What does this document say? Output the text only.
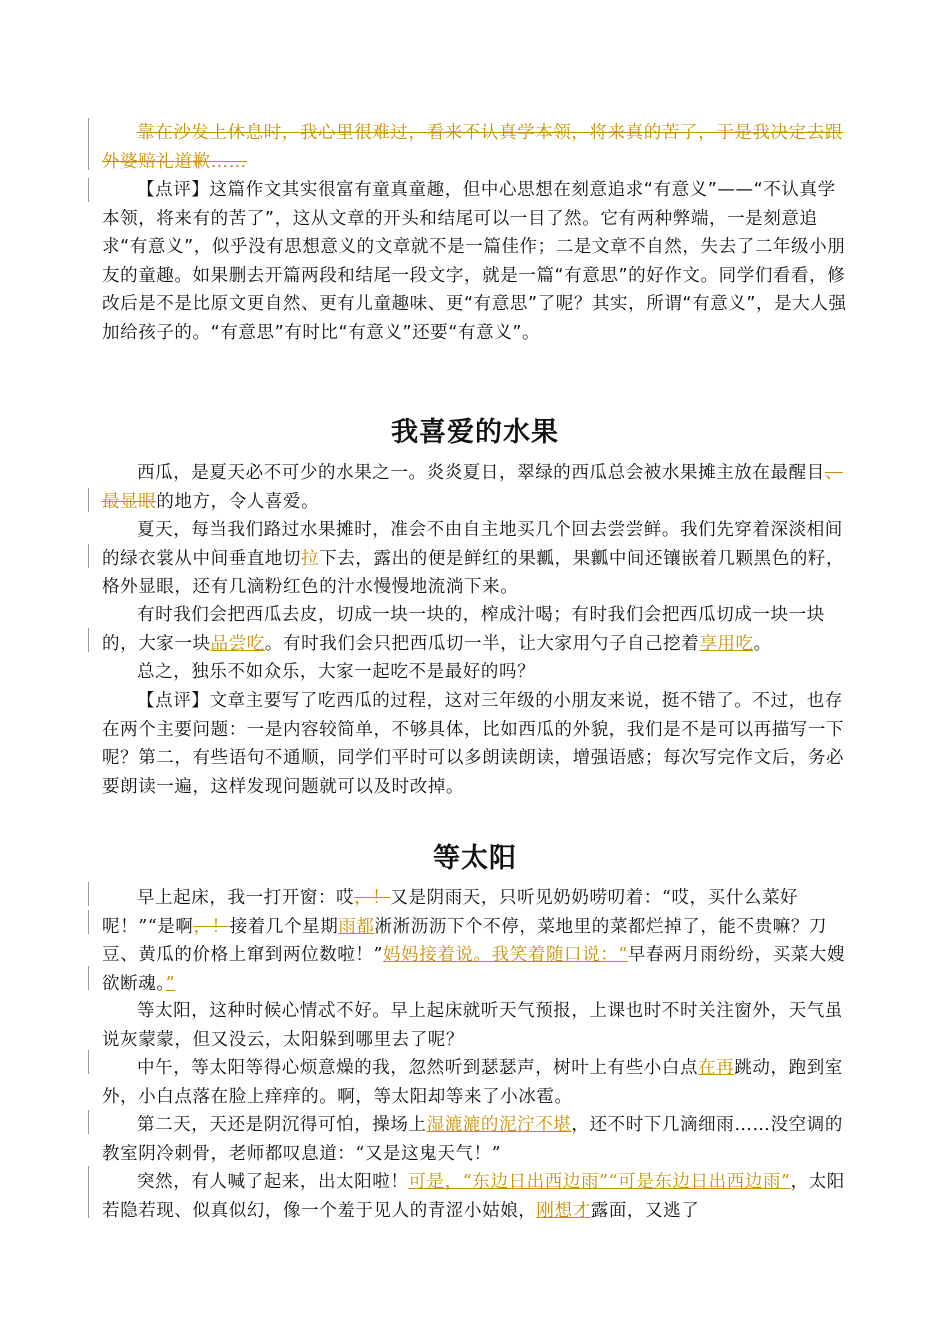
靠在沙发上休息时，我心里很难过，看来不认真学本领，将来真的苦了，于是我决定去跟外婆赔礼道歉……

【点评】这篇作文其实很富有童真童趣，但中心思想在刻意追求“有意义”——“不认真学本领，将来有的苦了”，这从文章的开头和结尾可以一目了然。它有两种弊端，一是刻意追求“有意义”，似乎没有思想意义的文章就不是一篇佳作；二是文章不自然，失去了二年级小朋友的童趣。如果删去开篇两段和结尾一段文字，就是一篇“有意思”的好作文。同学们看看，修改后是不是比原文更自然、更有儿童趣味、更“有意思”了呢？其实，所谓“有意义”，是大人强加给孩子的。“有意思”有时比“有意义”还要“有意义”。

我喜爱的水果

西瓜，是夏天必不可少的水果之一。炎炎夏日，翠绿的西瓜总会被水果摊主放在最醒目、最显眼的地方，令人喜爱。

夏天，每当我们路过水果摊时，准会不由自主地买几个回去尝尝鲜。我们先穿着深淡相间的绿衣裳从中间垂直地切拉下去，露出的便是鲜红的果瓤，果瓤中间还镶嵌着几颗黑色的籽，格外显眼，还有几滴粉红色的汁水慢慢地流淌下来。

有时我们会把西瓜去皮，切成一块一块的，榨成汁喝；有时我们会把西瓜切成一块一块的，大家一块品尝吃。有时我们会只把西瓜切一半，让大家用勺子自己挖着享用吃。

总之，独乐不如众乐，大家一起吃不是最好的吗？

【点评】文章主要写了吃西瓜的过程，这对三年级的小朋友来说，挺不错了。不过，也存在两个主要问题：一是内容较简单，不够具体，比如西瓜的外貌，我们是不是可以再描写一下呢？第二，有些语句不通顺，同学们平时可以多朗读朗读，增强语感；每次写完作文后，务必要朗读一遍，这样发现问题就可以及时改掉。

等太阳

早上起床，我一打开窗：哎，！又是阴雨天，只听见奶奶唠叨着：“哎，买什么菜好呢！”“是啊，！接着几个星期雨都淅淅沥沥下个不停，菜地里的菜都烂掉了，能不贵嘛？刀豆、黄瓜的价格上窜到两位数啦！”妈妈接着说。我笑着随口说：“早春两月雨纷纷，买菜大嫂欲断魂。”

等太阳，这种时候心情忒不好。早上起床就听天气预报，上课也时不时关注窗外，天气虽说灰蒙蒙，但又没云，太阳躲到哪里去了呢？

中午，等太阳等得心烦意燥的我，忽然听到瑟瑟声，树叶上有些小白点在再跳动，跑到室外，小白点落在脸上痒痒的。啊，等太阳却等来了小冰雹。

第二天，天还是阴沉得可怕，操场上湿漉漉的泥泞不堪，还不时下几滴细雨……没空调的教室阴冷刺骨，老师都叹息道：“又是这鬼天气！”

突然，有人喊了起来，出太阳啦！可是，“东边日出西边雨”“可是东边日出西边雨”，太阳若隐若现、似真似幻，像一个羞于见人的青涩小姑娘，刚想才露面，又逃了
